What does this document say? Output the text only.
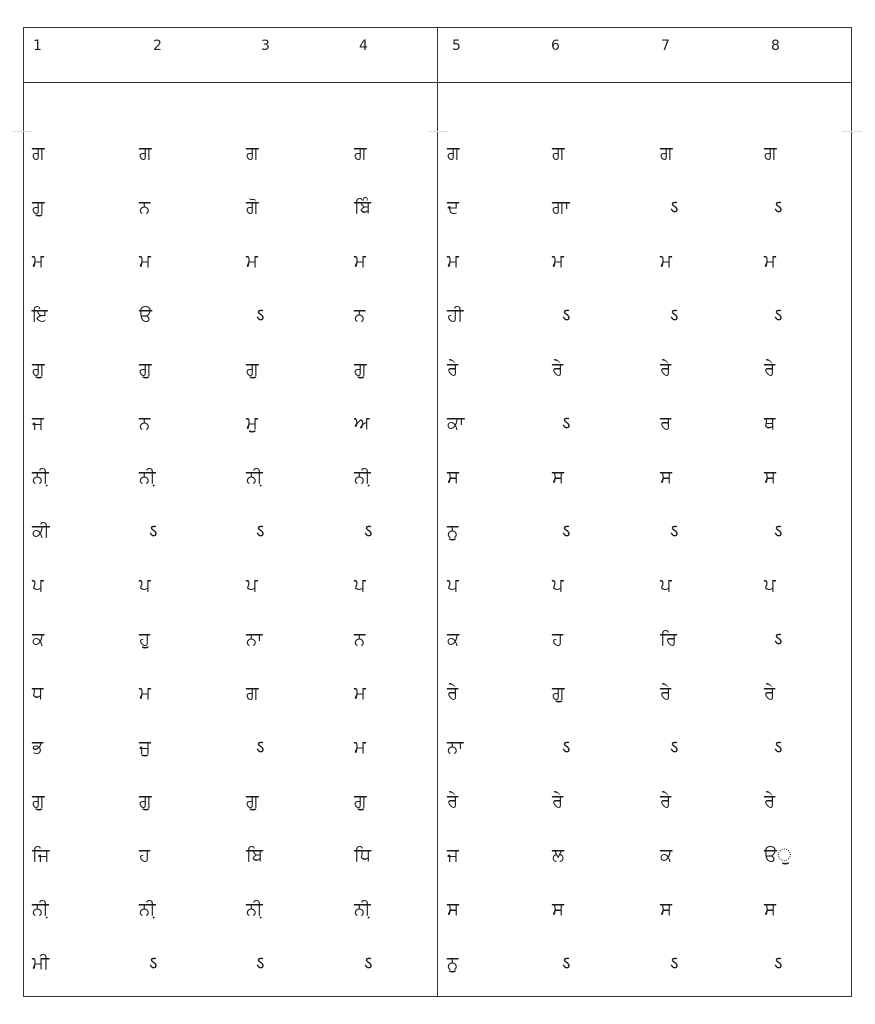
1	2	3	4	5	6	7	8
ਗ	ਗ	ਗ	ਗ	ਗ	ਗ	ਗ	ਗ
ਗੁ	ਨ	ਗੋ	ਬਿੰ	ਦ	ਗਾ	ऽ	ऽ
ਮ	ਮ	ਮ	ਮ	ਮ	ਮ	ਮ	ਮ
ਇ	ੳ	ऽ	ਨ	ਹੀ	ऽ	ऽ	ऽ
ਗੁ	ਗੁ	ਗੁ	ਗੁ	ਰੇ	ਰੇ	ਰੇ	ਰੇ
ਜ	ਨ	ਮੁ	ਅ	ਕਾ	ऽ	ਰ	ਥ
ਨੀ਼	ਨੀ਼	ਨੀ਼	ਨੀ਼	ਸ	ਸ	ਸ	ਸ
ਕੀ	ऽ	ऽ	ऽ	ਨੁ	ऽ	ऽ	ऽ
ਪ	ਪ	ਪ	ਪ	ਪ	ਪ	ਪ	ਪ
ਕ	ਹੁ	ਨਾ	ਨ	ਕ	ਹ	ਰਿ	ऽ
ਧ	ਮ	ਗ	ਮ	ਰੇ	ਗੁ	ਰੇ	ਰੇ
ਭ	ਜੁ	ऽ	ਮ	ਨਾ	ऽ	ऽ	ऽ
ਗੁ	ਗੁ	ਗੁ	ਗੁ	ਰੇ	ਰੇ	ਰੇ	ਰੇ
ਜਿ	ਹ	ਬਿ	ਧਿ	ਜ	ਲ	ਕ	ੳੁ
ਨੀ਼	ਨੀ਼	ਨੀ਼	ਨੀ਼	ਸ	ਸ	ਸ	ਸ
ਮੀ	ऽ	ऽ	ऽ	ਨੁ	ऽ	ऽ	ऽ
